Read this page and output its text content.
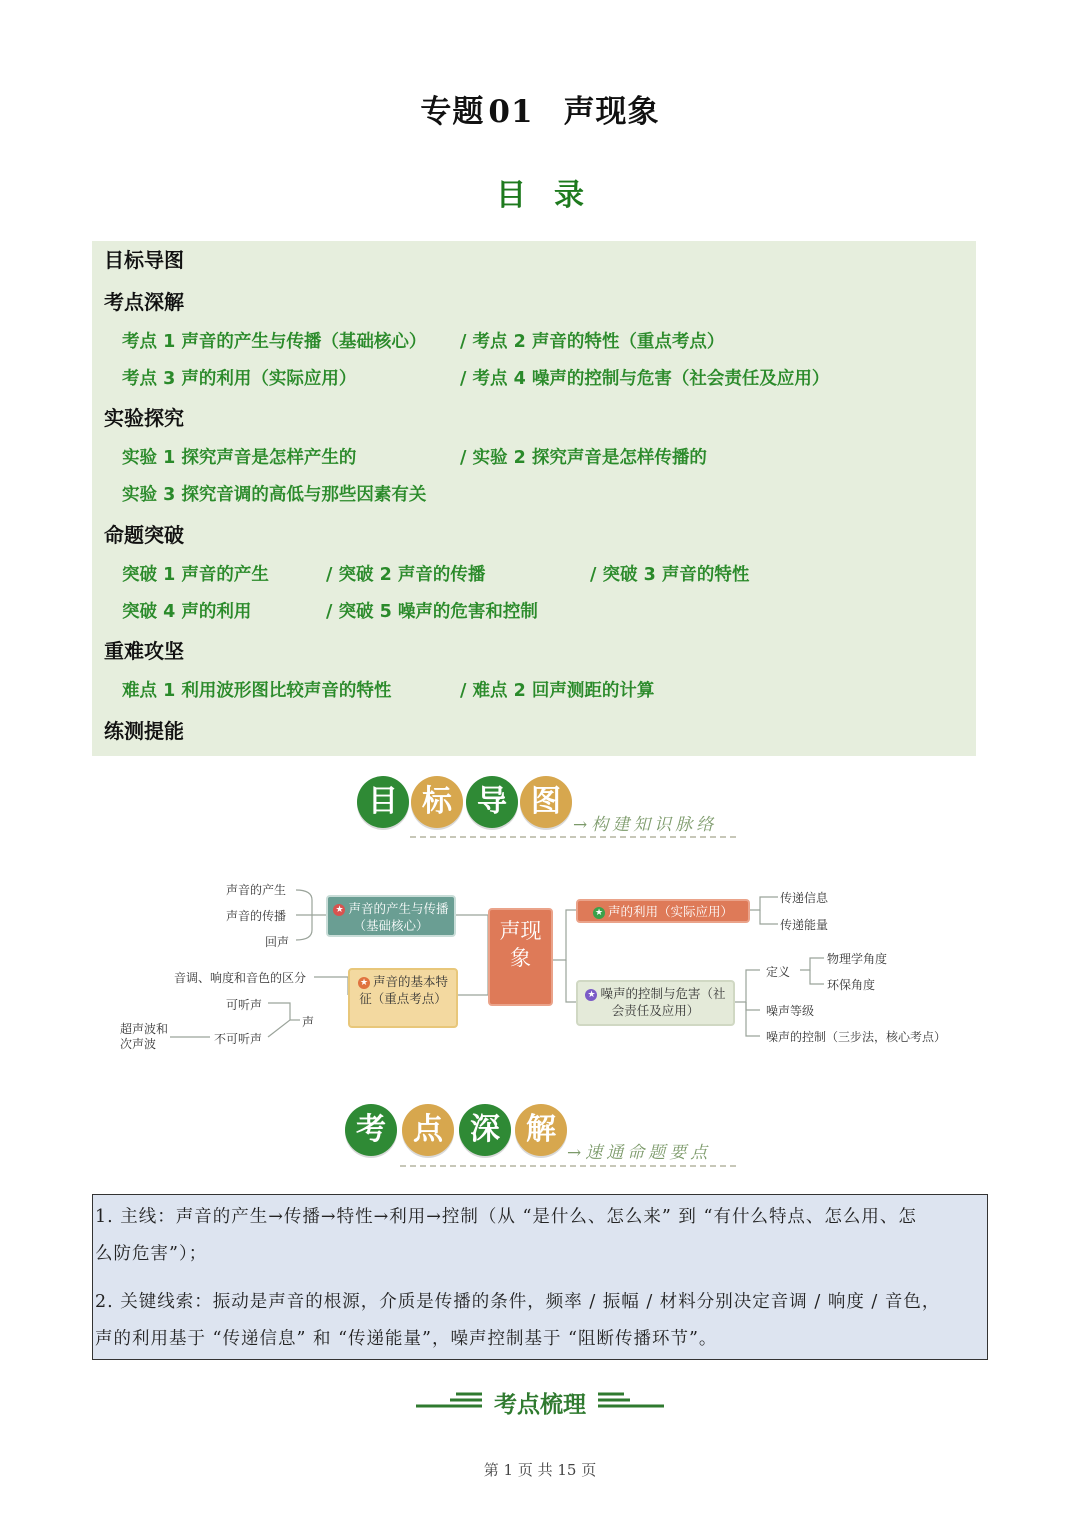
专题 01 声现象
目 录
目标导图
考点深解
考点 1 声音的产生与传播（基础核心） / 考点 2 声音的特性（重点考点）
考点 3 声的利用（实际应用）	/ 考点 4 噪声的控制与危害（社会责任及应用）
实验探究
实验 1 探究声音是怎样产生的	/ 实验 2 探究声音是怎样传播的
实验 3 探究音调的高低与那些因素有关
命题突破
突破 1 声音的产生	/ 突破 2 声音的传播	/ 突破 3 声音的特性
突破 4 声的利用	/ 突破 5 噪声的危害和控制
重难攻坚
难点 1 利用波形图比较声音的特性	/ 难点 2 回声测距的计算
练测提能
目 标 导 图
→构建知识脉络
声音的产生
声音的传播
回声
★ 声音的产生与传播（基础核心）
音调、响度和音色的区分
可听声
不可听声
声
超声波和次声波
★ 声音的基本特征（重点考点）
声现象
★ 声的利用（实际应用）
传递信息
传递能量
★ 噪声的控制与危害（社会责任及应用）
定义
物理学角度
环保角度
噪声等级
噪声的控制（三步法，核心考点）
考 点 深 解
→速通命题要点
1. 主线：声音的产生→传播→特性→利用→控制（从 “是什么、怎么来” 到 “有什么特点、怎么用、怎
么防危害”）；
2. 关键线索：振动是声音的根源，介质是传播的条件，频率 / 振幅 / 材料分别决定音调 / 响度 / 音色，
声的利用基于 “传递信息” 和 “传递能量”，噪声控制基于 “阻断传播环节”。
考点梳理
第 1 页 共 15 页
